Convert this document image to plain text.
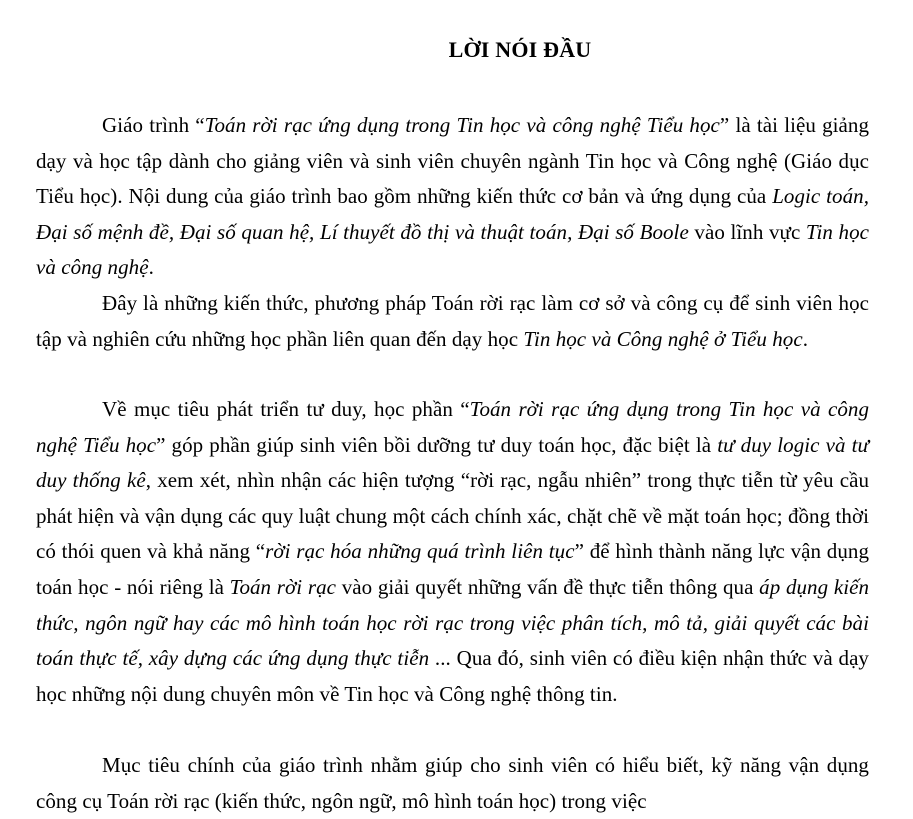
LỜI NÓI ĐẦU

Giáo trình “Toán rời rạc ứng dụng trong Tin học và công nghệ Tiểu học” là tài liệu giảng dạy và học tập dành cho giảng viên và sinh viên chuyên ngành Tin học và Công nghệ (Giáo dục Tiểu học). Nội dung của giáo trình bao gồm những kiến thức cơ bản và ứng dụng của Logic toán, Đại số mệnh đề, Đại số quan hệ, Lí thuyết đồ thị và thuật toán, Đại số Boole vào lĩnh vực Tin học và công nghệ.

Đây là những kiến thức, phương pháp Toán rời rạc làm cơ sở và công cụ để sinh viên học tập và nghiên cứu những học phần liên quan đến dạy học Tin học và Công nghệ ở Tiểu học.

Về mục tiêu phát triển tư duy, học phần “Toán rời rạc ứng dụng trong Tin học và công nghệ Tiểu học” góp phần giúp sinh viên bồi dưỡng tư duy toán học, đặc biệt là tư duy logic và tư duy thống kê, xem xét, nhìn nhận các hiện tượng “rời rạc, ngẫu nhiên” trong thực tiễn từ yêu cầu phát hiện và vận dụng các quy luật chung một cách chính xác, chặt chẽ về mặt toán học; đồng thời có thói quen và khả năng “rời rạc hóa những quá trình liên tục” để hình thành năng lực vận dụng toán học - nói riêng là Toán rời rạc vào giải quyết những vấn đề thực tiễn thông qua áp dụng kiến thức, ngôn ngữ hay các mô hình toán học rời rạc trong việc phân tích, mô tả, giải quyết các bài toán thực tế, xây dựng các ứng dụng thực tiễn ... Qua đó, sinh viên có điều kiện nhận thức và dạy học những nội dung chuyên môn về Tin học và Công nghệ thông tin.

Mục tiêu chính của giáo trình nhằm giúp cho sinh viên có hiểu biết, kỹ năng vận dụng công cụ Toán rời rạc (kiến thức, ngôn ngữ, mô hình toán học) trong việc
